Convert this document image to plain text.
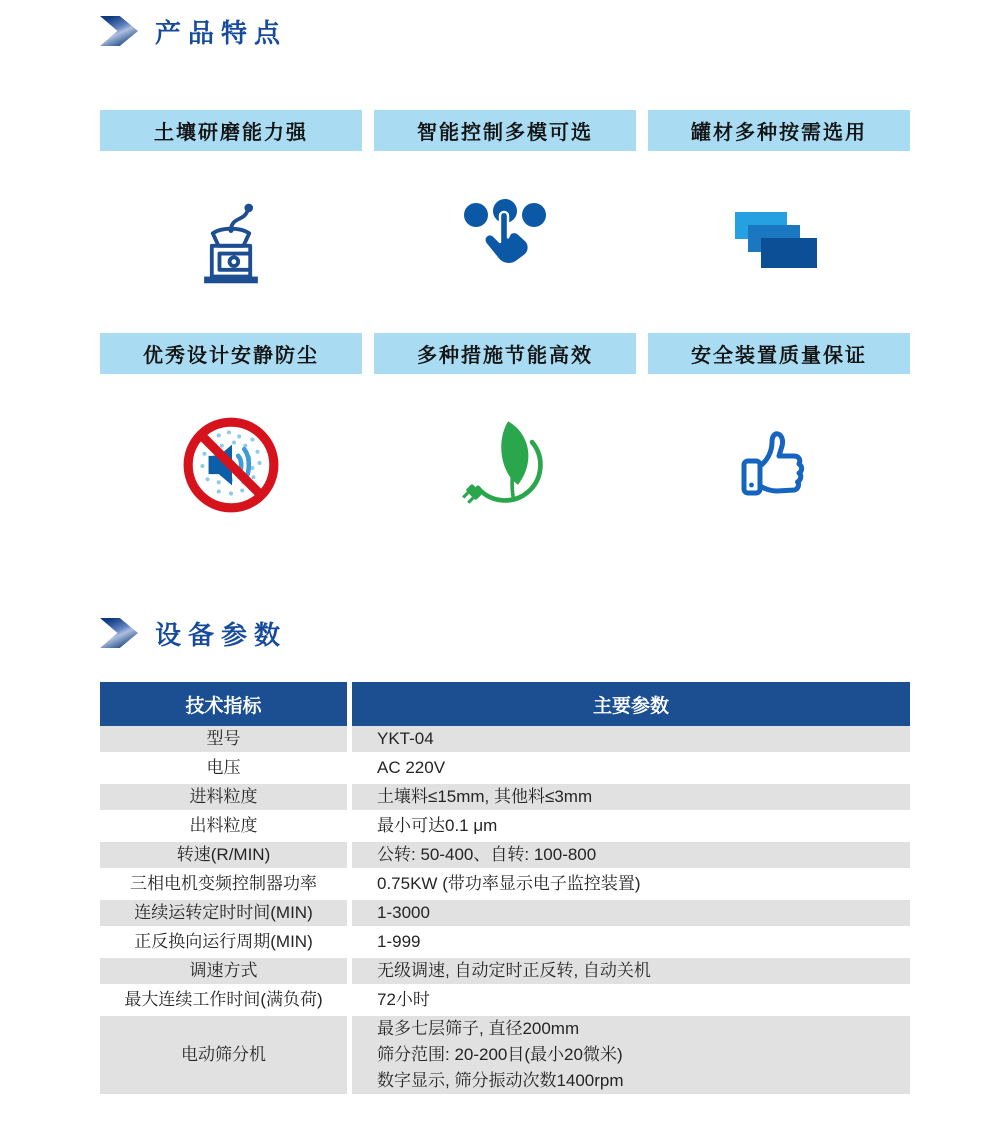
产品特点
土壤研磨能力强	智能控制多模可选	罐材多种按需选用
优秀设计安静防尘	多种措施节能高效	安全装置质量保证
设备参数
技术指标	主要参数
型号	YKT-04

电压	AC 220V

进料粒度	土壤料≤15mm, 其他料≤3mm

出料粒度	最小可达0.1 μm

转速(R/MIN)	公转: 50-400、自转: 100-800

三相电机变频控制器功率	0.75KW (带功率显示电子监控装置)

连续运转定时时间(MIN)	1-3000

正反换向运行周期(MIN)	1-999

调速方式	无级调速, 自动定时正反转, 自动关机

最大连续工作时间(满负荷)	72小时

电动筛分机	最多七层筛子, 直径200mm
筛分范围: 20-200目(最小20微米)
数字显示, 筛分振动次数1400rpm
